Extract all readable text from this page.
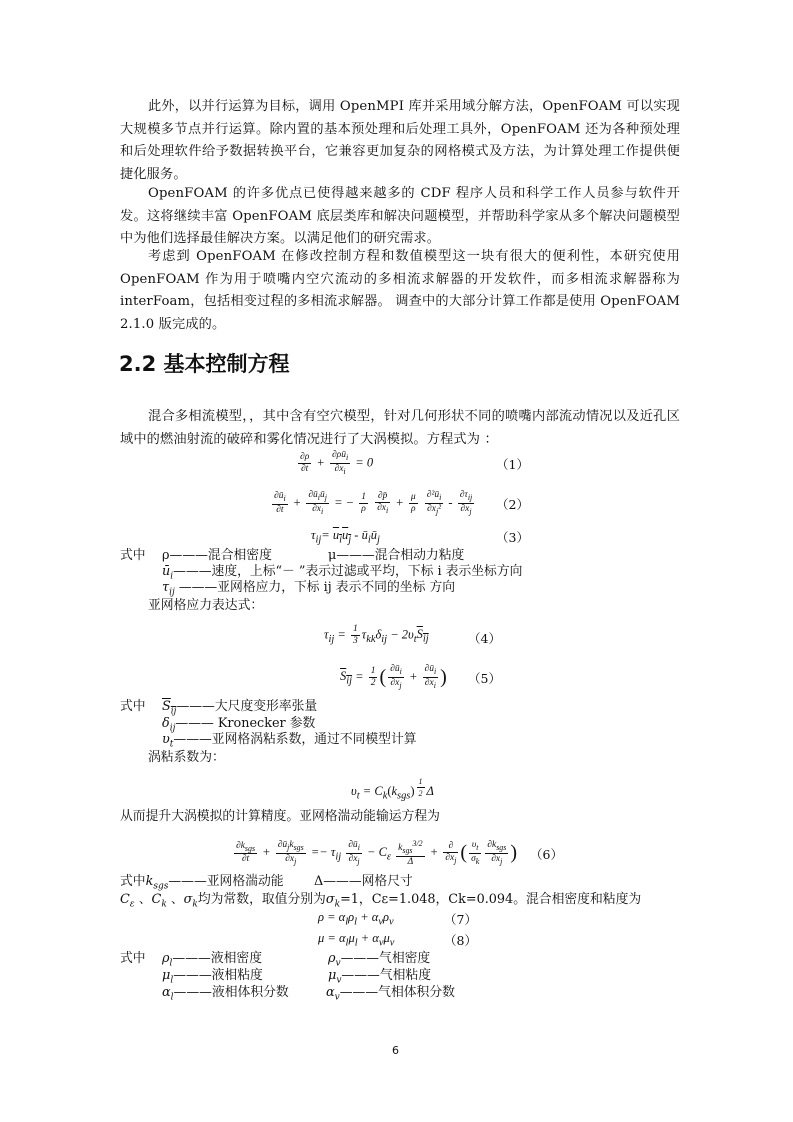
此外，以并行运算为目标，调用 OpenMPI 库并采用域分解方法，OpenFOAM 可以实现大规模多节点并行运算。除内置的基本预处理和后处理工具外，OpenFOAM 还为各种预处理和后处理软件给予数据转换平台，它兼容更加复杂的网格模式及方法，为计算处理工作提供便捷化服务。

OpenFOAM 的许多优点已使得越来越多的 CDF 程序人员和科学工作人员参与软件开发。这将继续丰富 OpenFOAM 底层类库和解决问题模型，并帮助科学家从多个解决问题模型中为他们选择最佳解决方案。以满足他们的研究需求。

考虑到 OpenFOAM 在修改控制方程和数值模型这一块有很大的便利性，本研究使用 OpenFOAM 作为用于喷嘴内空穴流动的多相流求解器的开发软件，而多相流求解器称为 interFoam，包括相变过程的多相流求解器。 调查中的大部分计算工作都是使用 OpenFOAM 2.1.0 版完成的。

2.2 基本控制方程

混合多相流模型，，其中含有空穴模型，针对几何形状不同的喷嘴内部流动情况以及近孔区域中的燃油射流的破碎和雾化情况进行了大涡模拟。方程式为 ：

$\frac{\partial\rho}{\partial t} + \frac{\partial\rho ū_i}{\partial x_i} = 0$	（1）
$\frac{\partial ū_i}{\partial t} + \frac{\partial ū_iū_j}{\partial x_i}$ = − $\frac{1}{\rho}$
$\frac{\partial p̄}{\partial x_i} + \frac{\mu}{\rho}$
$\frac{\partial^2ū_i}{\partial x_j^2} - \frac{\partial\tau_{ij}}{\partial x_j} (2)$
$\tau_{ij}= u_iu_j$ - $ū_iū_j$	（3）
式中 ρ———混合相密度	μ———混合相动力粘度
$ū_i———$速度，上标“－ ”表示过滤或平均，下标 i 表示坐标方向
$\tau_{ij}$ ———亚网格应力，下标 ij 表示不同的坐标 方向
亚网格应力表达式：
$\tau_{ij} = \frac{1}{3} \tau_{kk}\delta_{ij} - 2\upsilon_tS_{ij}$	（4）
$S_{ij} = \frac{1}{2}$ ( $\frac{\partial ū_i}{\partial x_j} + \frac{\partial ū_i}{\partial x_i}$ ) （5）
式中 $S_{ij}———$大尺度变形率张量
$\delta_{ij}———$ Kronecker 参数
$\upsilon_t———$亚网格涡粘系数，通过不同模型计算
涡粘系数为：
$\upsilon_t = C_k(k_{sgs})$ $^{\frac{1}{2}}$ Δ
从而提升大涡模拟的计算精度。亚网格湍动能输运方程为
$\frac{\partial k_{sgs}}{\partial t} + \frac{\partial ū_jk_{sgs}}{\partial x_j} =- \tau_{ij} \frac{\partial ū_i}{\partial x_j} - C_\varepsilon \frac{k_{sgs}^{3/2}}{\Delta} + \frac{\partial}{\partial x_j}$ ( $\frac{\upsilon_t}{\sigma_k} \frac{\partial k_{sgs}}{\partial x_j}$ ) （6）
式中$k_{sgs}———$亚网格湍动能 Δ———网格尺寸
$C_\varepsilon$ 、$C_k$ 、$\sigma_k$均为常数，取值分别为$\sigma_k=1$，Cε=1.048，Ck=0.094。混合相密度和粘度为
$\rho = \alpha_l\rho_l + \alpha_v\rho_v$	（7）
$\mu = \alpha_l\mu_l + \alpha_v\mu_v$	（8）
式中 $\rho_l———$液相密度	$\rho_v———$气相密度
$\mu_l———$液相粘度	$\mu_v———$气相粘度
$\alpha_l———$液相体积分数	$\alpha_v———$气相体积分数
6
